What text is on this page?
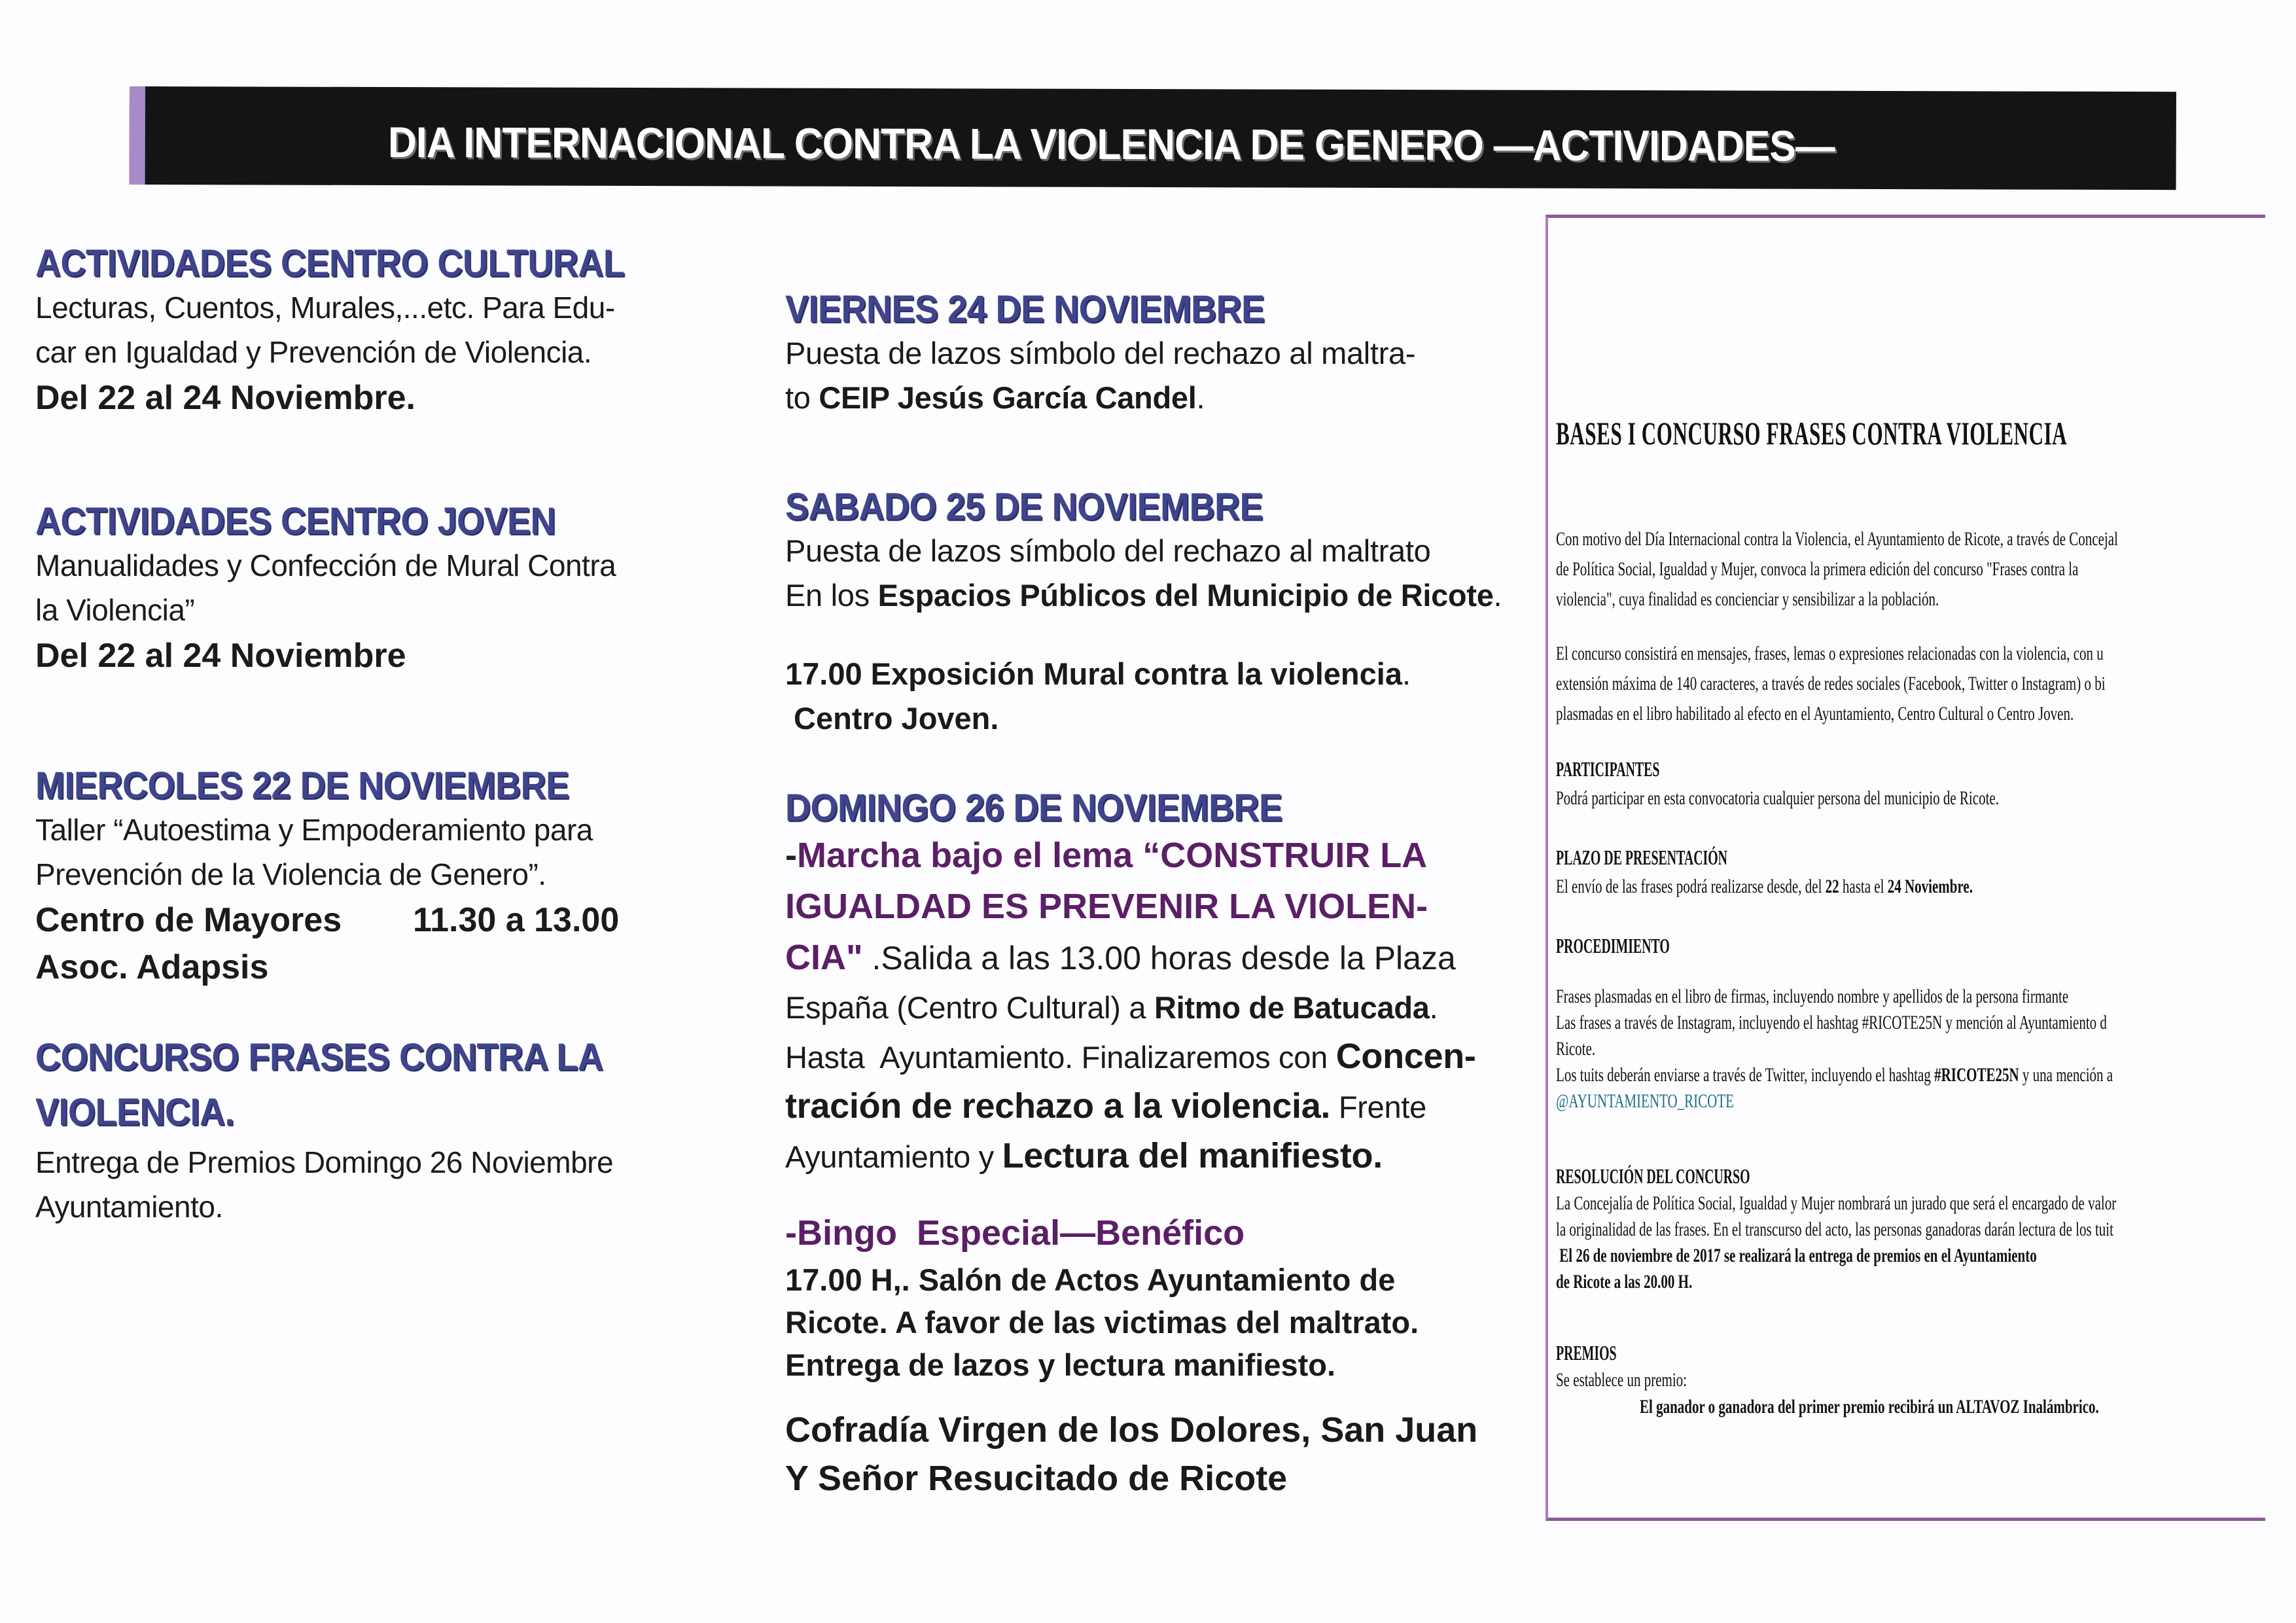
DIA INTERNACIONAL CONTRA LA VIOLENCIA DE GENERO —ACTIVIDADES—
ACTIVIDADES CENTRO CULTURAL
Lecturas, Cuentos, Murales,...etc. Para Edu-
car en Igualdad y Prevención de Violencia.
Del 22 al 24 Noviembre.
ACTIVIDADES CENTRO JOVEN
Manualidades y Confección de Mural Contra
la Violencia”
Del 22 al 24 Noviembre
MIERCOLES 22 DE NOVIEMBRE
Taller “Autoestima y Empoderamiento para
Prevención de la Violencia de Genero”.
Centro de Mayores 11.30 a 13.00
Asoc. Adapsis
CONCURSO FRASES CONTRA LA
VIOLENCIA.
Entrega de Premios Domingo 26 Noviembre
Ayuntamiento.
VIERNES 24 DE NOVIEMBRE
Puesta de lazos símbolo del rechazo al maltra-
to CEIP Jesús García Candel.
SABADO 25 DE NOVIEMBRE
Puesta de lazos símbolo del rechazo al maltrato
En los Espacios Públicos del Municipio de Ricote.
17.00 Exposición Mural contra la violencia.
Centro Joven.
DOMINGO 26 DE NOVIEMBRE
-Marcha bajo el lema “CONSTRUIR LA
IGUALDAD ES PREVENIR LA VIOLEN-
CIA" .Salida a las 13.00 horas desde la Plaza
España (Centro Cultural) a Ritmo de Batucada.
Hasta  Ayuntamiento. Finalizaremos con Concen-
tración de rechazo a la violencia. Frente
Ayuntamiento y Lectura del manifiesto.
-Bingo  Especial—Benéfico
17.00 H,. Salón de Actos Ayuntamiento de
Ricote. A favor de las victimas del maltrato.
Entrega de lazos y lectura manifiesto.
Cofradía Virgen de los Dolores, San Juan
Y Señor Resucitado de Ricote
BASES I CONCURSO FRASES CONTRA VIOLENCIA
Con motivo del Día Internacional contra la Violencia, el Ayuntamiento de Ricote, a través de Concejal
de Política Social, Igualdad y Mujer, convoca la primera edición del concurso "Frases contra la
violencia", cuya finalidad es concienciar y sensibilizar a la población.
El concurso consistirá en mensajes, frases, lemas o expresiones relacionadas con la violencia, con u
extensión máxima de 140 caracteres, a través de redes sociales (Facebook, Twitter o Instagram) o bi
plasmadas en el libro habilitado al efecto en el Ayuntamiento, Centro Cultural o Centro Joven.
PARTICIPANTES
Podrá participar en esta convocatoria cualquier persona del municipio de Ricote.
PLAZO DE PRESENTACIÓN
El envío de las frases podrá realizarse desde, del 22 hasta el 24 Noviembre.
PROCEDIMIENTO
Frases plasmadas en el libro de firmas, incluyendo nombre y apellidos de la persona firmante
Las frases a través de Instagram, incluyendo el hashtag #RICOTE25N y mención al Ayuntamiento d
Ricote.
Los tuits deberán enviarse a través de Twitter, incluyendo el hashtag #RICOTE25N y una mención a
@AYUNTAMIENTO_RICOTE
RESOLUCIÓN DEL CONCURSO
La Concejalía de Política Social, Igualdad y Mujer nombrará un jurado que será el encargado de valor
la originalidad de las frases. En el transcurso del acto, las personas ganadoras darán lectura de los tuit
El 26 de noviembre de 2017 se realizará la entrega de premios en el Ayuntamiento
de Ricote a las 20.00 H.
PREMIOS
Se establece un premio:
El ganador o ganadora del primer premio recibirá un ALTAVOZ Inalámbrico.
